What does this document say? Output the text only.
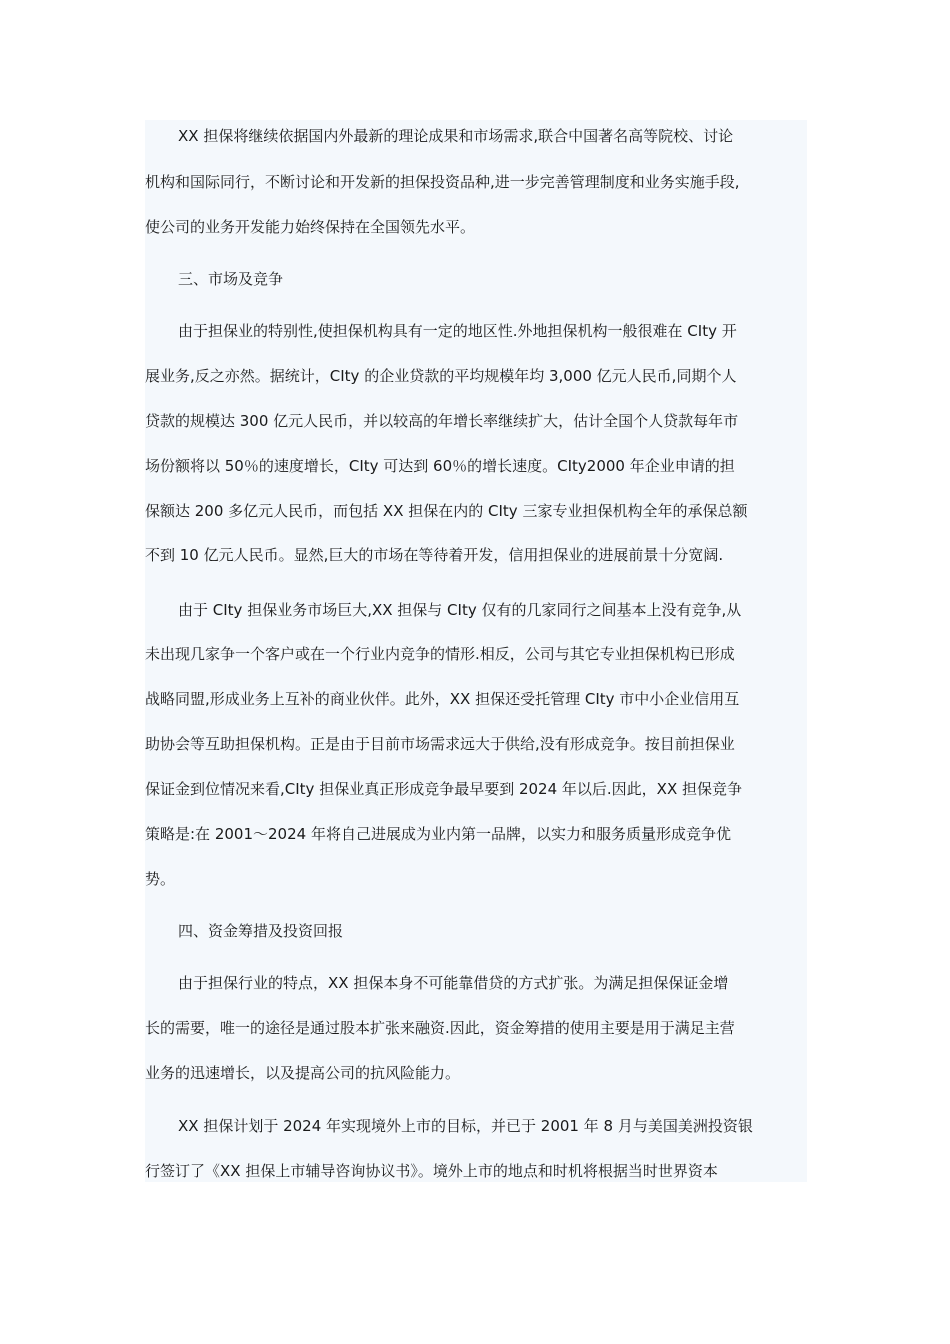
XX 担保将继续依据国内外最新的理论成果和市场需求,联合中国著名高等院校、讨论
机构和国际同行，不断讨论和开发新的担保投资品种,进一步完善管理制度和业务实施手段,
使公司的业务开发能力始终保持在全国领先水平。
三、市场及竞争
由于担保业的特别性,使担保机构具有一定的地区性.外地担保机构一般很难在 CIty 开
展业务,反之亦然。据统计，CIty 的企业贷款的平均规模年均 3,000 亿元人民币,同期个人
贷款的规模达 300 亿元人民币，并以较高的年增长率继续扩大，估计全国个人贷款每年市
场份额将以 50％的速度增长，CIty 可达到 60％的增长速度。CIty2000 年企业申请的担
保额达 200 多亿元人民币，而包括 XX 担保在内的 CIty 三家专业担保机构全年的承保总额
不到 10 亿元人民币。显然,巨大的市场在等待着开发，信用担保业的进展前景十分宽阔.
由于 CIty 担保业务市场巨大,XX 担保与 CIty 仅有的几家同行之间基本上没有竞争,从
未出现几家争一个客户或在一个行业内竞争的情形.相反，公司与其它专业担保机构已形成
战略同盟,形成业务上互补的商业伙伴。此外，XX 担保还受托管理 CIty 市中小企业信用互
助协会等互助担保机构。正是由于目前市场需求远大于供给,没有形成竞争。按目前担保业
保证金到位情况来看,CIty 担保业真正形成竞争最早要到 2024 年以后.因此，XX 担保竞争
策略是:在 2001～2024 年将自己进展成为业内第一品牌，以实力和服务质量形成竞争优
势。
四、资金筹措及投资回报
由于担保行业的特点，XX 担保本身不可能靠借贷的方式扩张。为满足担保保证金增
长的需要，唯一的途径是通过股本扩张来融资.因此，资金筹措的使用主要是用于满足主营
业务的迅速增长，以及提高公司的抗风险能力。
XX 担保计划于 2024 年实现境外上市的目标，并已于 2001 年 8 月与美国美洲投资银
行签订了《XX 担保上市辅导咨询协议书》。境外上市的地点和时机将根据当时世界资本
